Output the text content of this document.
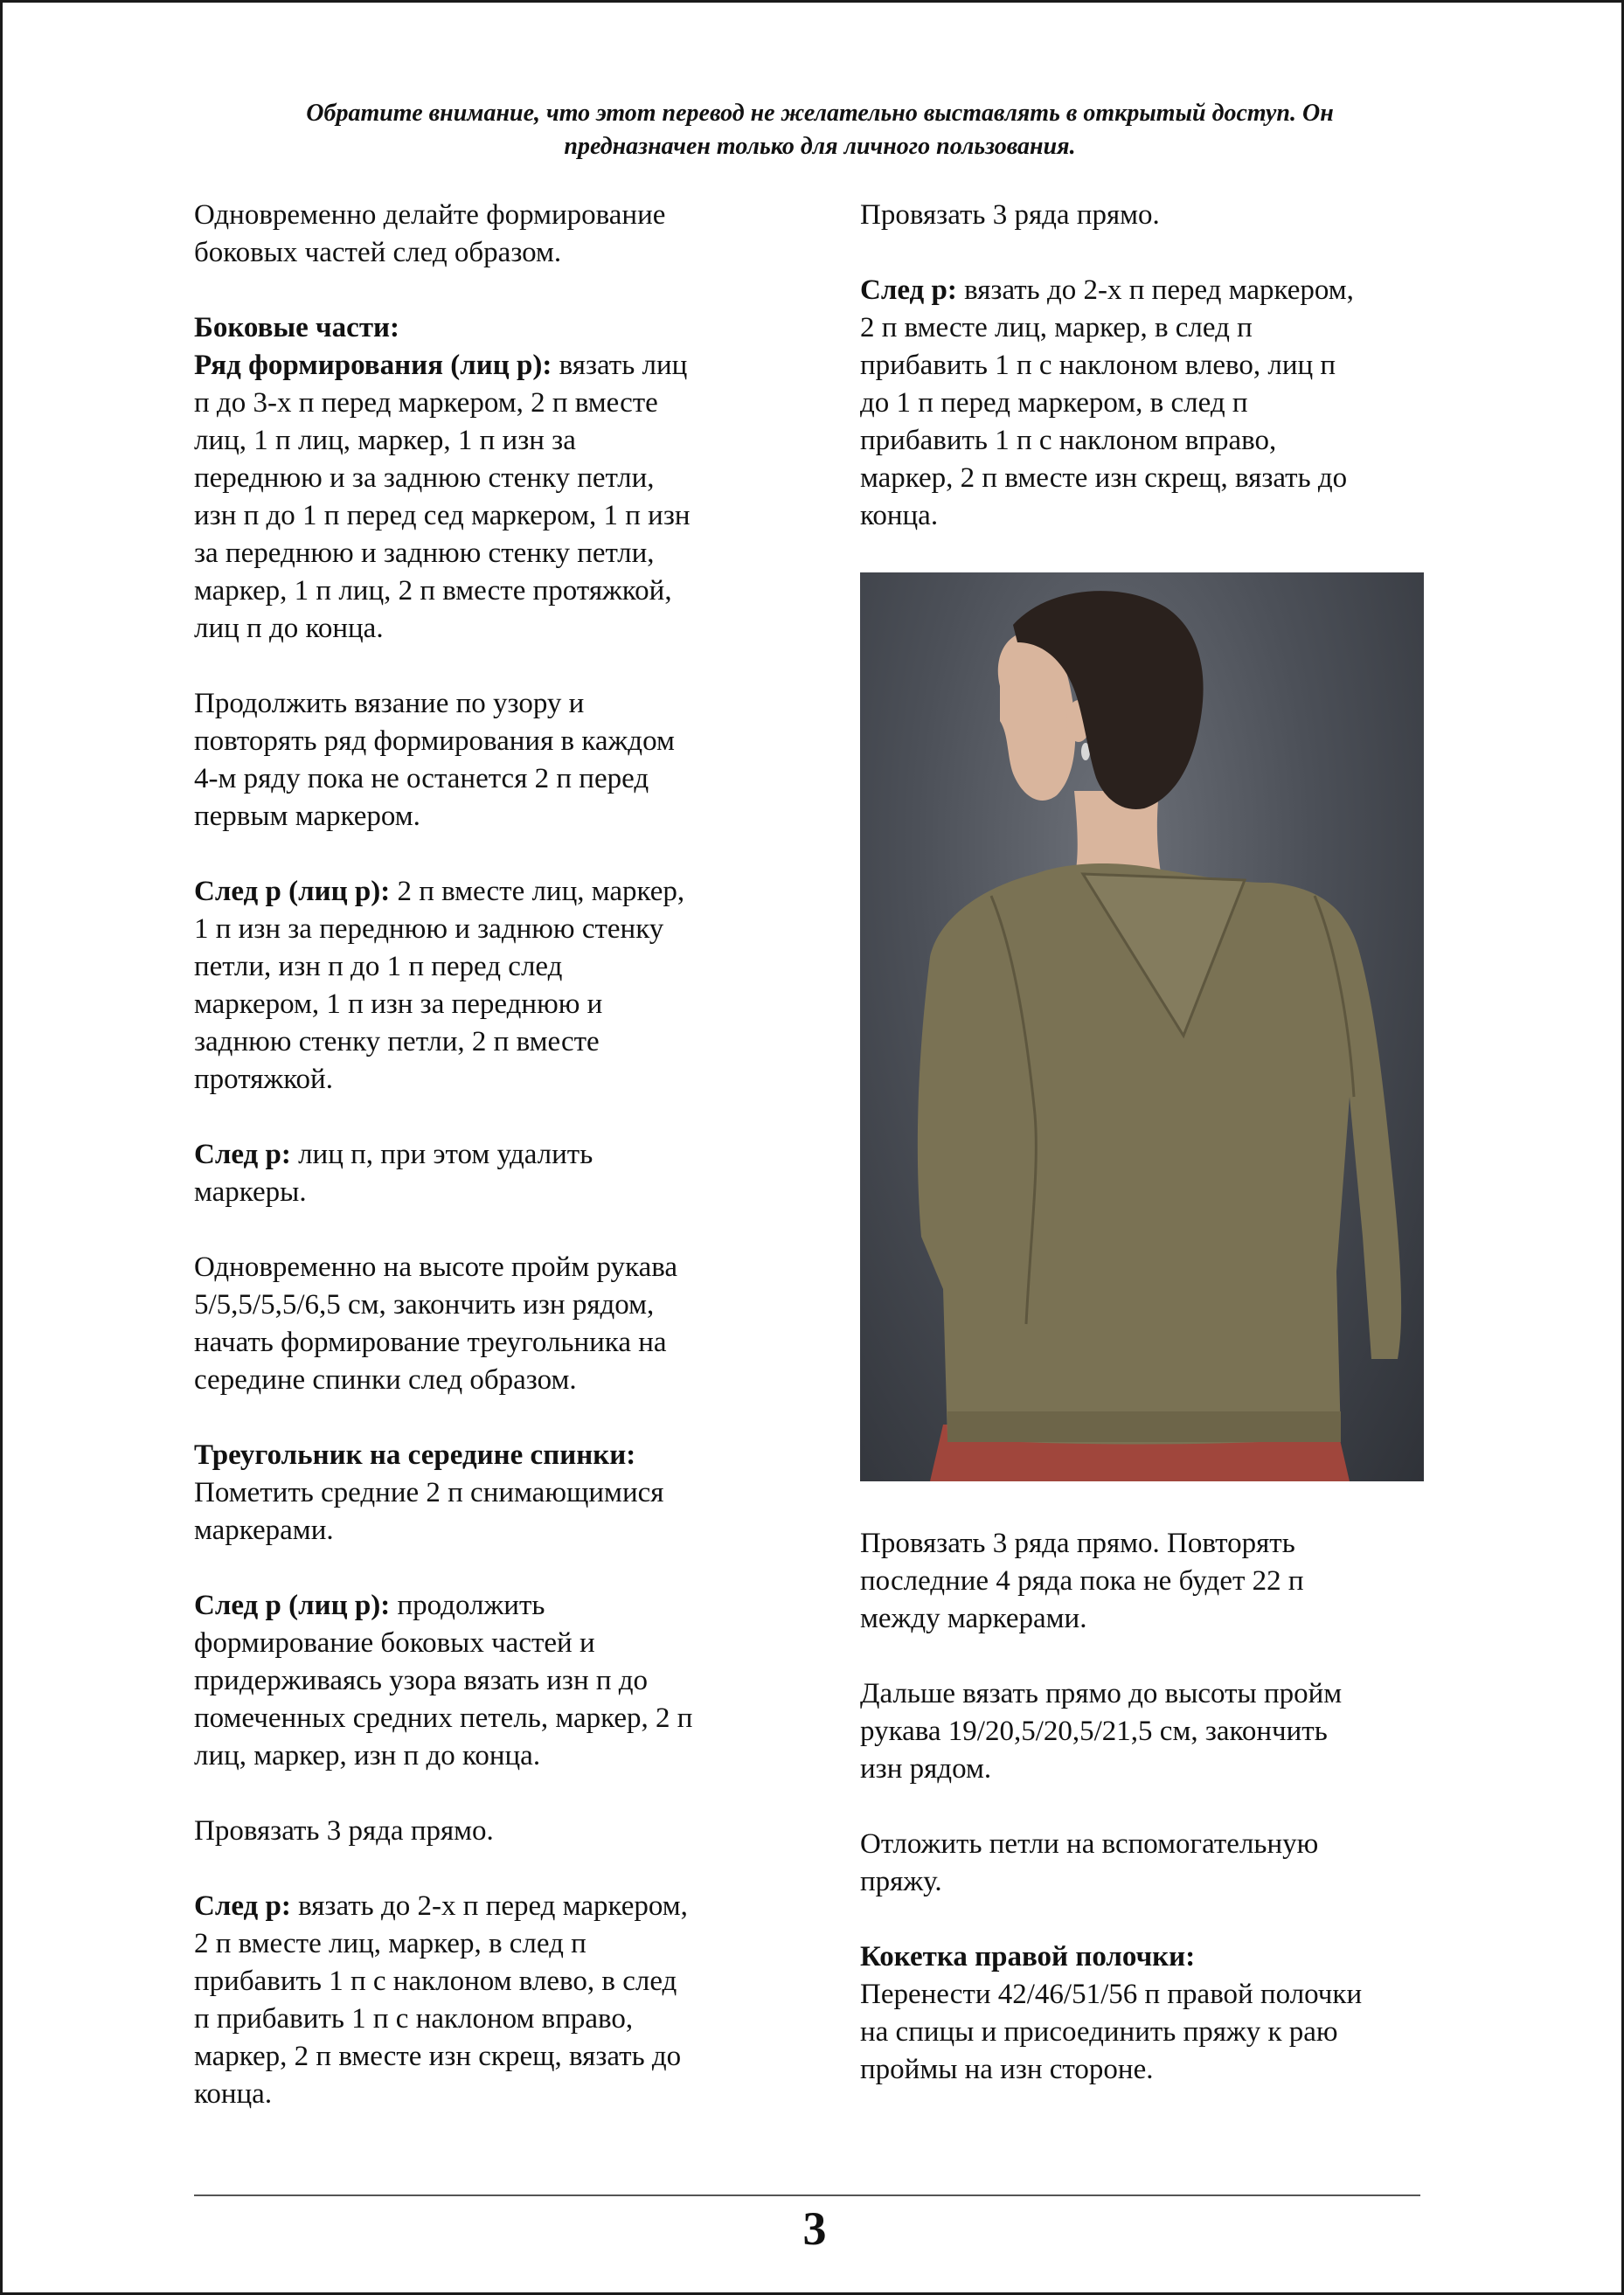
Обратите внимание, что этот перевод не желательно выставлять в открытый доступ. Он
предназначен только для личного пользования.
Одновременно делайте формирование
боковых частей след образом.
Боковые части:
Ряд формирования (лиц р): вязать лиц
п до 3-х п перед маркером, 2 п вместе
лиц, 1 п лиц, маркер, 1 п изн за
переднюю и за заднюю стенку петли,
изн п до 1 п перед сед маркером, 1 п изн
за переднюю и заднюю стенку петли,
маркер, 1 п лиц, 2 п вместе протяжкой,
лиц п до конца.
Продолжить вязание по узору и
повторять ряд формирования в каждом
4-м ряду пока не останется 2 п перед
первым маркером.
След р (лиц р): 2 п вместе лиц, маркер,
1 п изн за переднюю и заднюю стенку
петли, изн п до 1 п перед след
маркером, 1 п изн за переднюю и
заднюю стенку петли, 2 п вместе
протяжкой.
След р: лиц п, при этом удалить
маркеры.
Одновременно на высоте пройм рукава
5/5,5/5,5/6,5 см, закончить изн рядом,
начать формирование треугольника на
середине спинки след образом.
Треугольник на середине спинки:
Пометить средние 2 п снимающимися
маркерами.
След р (лиц р): продолжить
формирование боковых частей и
придерживаясь узора вязать изн п до
помеченных средних петель, маркер, 2 п
лиц, маркер, изн п до конца.
Провязать 3 ряда прямо.
След р: вязать до 2-х п перед маркером,
2 п вместе лиц, маркер, в след п
прибавить 1 п с наклоном влево, в след
п прибавить 1 п с наклоном вправо,
маркер, 2 п вместе изн скрещ, вязать до
конца.
Провязать 3 ряда прямо.
След р: вязать до 2-х п перед маркером,
2 п вместе лиц, маркер, в след п
прибавить 1 п с наклоном влево, лиц п
до 1 п перед маркером, в след п
прибавить 1 п с наклоном вправо,
маркер, 2 п вместе изн скрещ, вязать до
конца.
Провязать 3 ряда прямо. Повторять
последние 4 ряда пока не будет 22 п
между маркерами.
Дальше вязать прямо до высоты пройм
рукава 19/20,5/20,5/21,5 см, закончить
изн рядом.
Отложить петли на вспомогательную
пряжу.
Кокетка правой полочки:
Перенести 42/46/51/56 п правой полочки
на спицы и присоединить пряжу к раю
проймы на изн стороне.
3
